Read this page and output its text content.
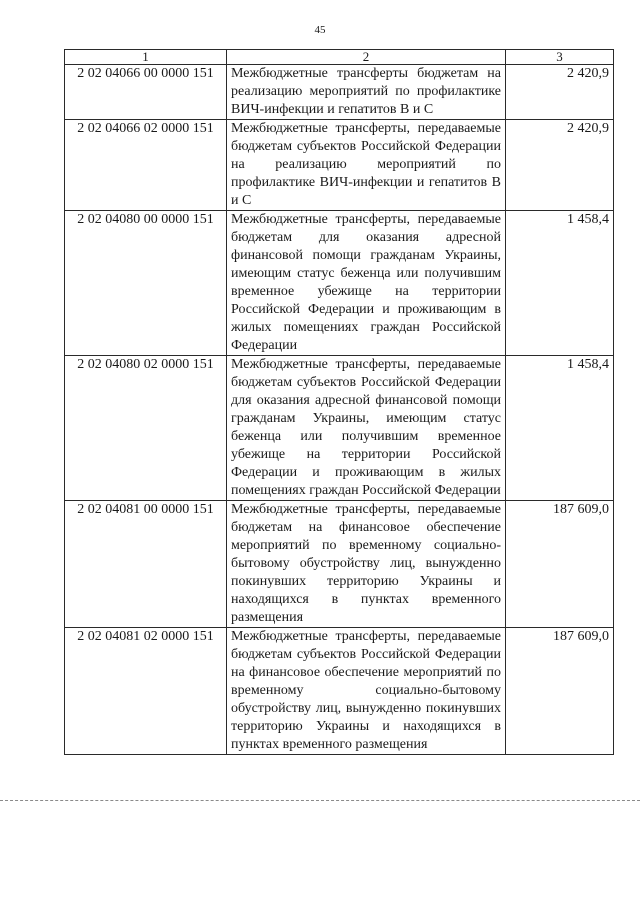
45
1	2	3
2 02 04066 00 0000 151	Межбюджетные трансферты бюджетам на реализацию мероприятий по профилактике ВИЧ-инфекции и гепатитов В и С	2 420,9
2 02 04066 02 0000 151	Межбюджетные трансферты, передаваемые бюджетам субъектов Российской Федерации на реализацию мероприятий по профилактике ВИЧ-инфекции и гепатитов В и С	2 420,9
2 02 04080 00 0000 151	Межбюджетные трансферты, передаваемые бюджетам для оказания адресной финансовой помощи гражданам Украины, имеющим статус беженца или получившим временное убежище на территории Российской Федерации и проживающим в жилых помещениях граждан Российской Федерации	1 458,4
2 02 04080 02 0000 151	Межбюджетные трансферты, передаваемые бюджетам субъектов Российской Федерации для оказания адресной финансовой помощи гражданам Украины, имеющим статус беженца или получившим временное убежище на территории Российской Федерации и проживающим в жилых помещениях граждан Российской Федерации	1 458,4
2 02 04081 00 0000 151	Межбюджетные трансферты, передаваемые бюджетам на финансовое обеспечение мероприятий по временному социально-бытовому обустройству лиц, вынужденно покинувших территорию Украины и находящихся в пунктах временного размещения	187 609,0
2 02 04081 02 0000 151	Межбюджетные трансферты, передаваемые бюджетам субъектов Российской Федерации на финансовое обеспечение мероприятий по временному социально-бытовому обустройству лиц, вынужденно покинувших территорию Украины и находящихся в пунктах временного размещения	187 609,0
